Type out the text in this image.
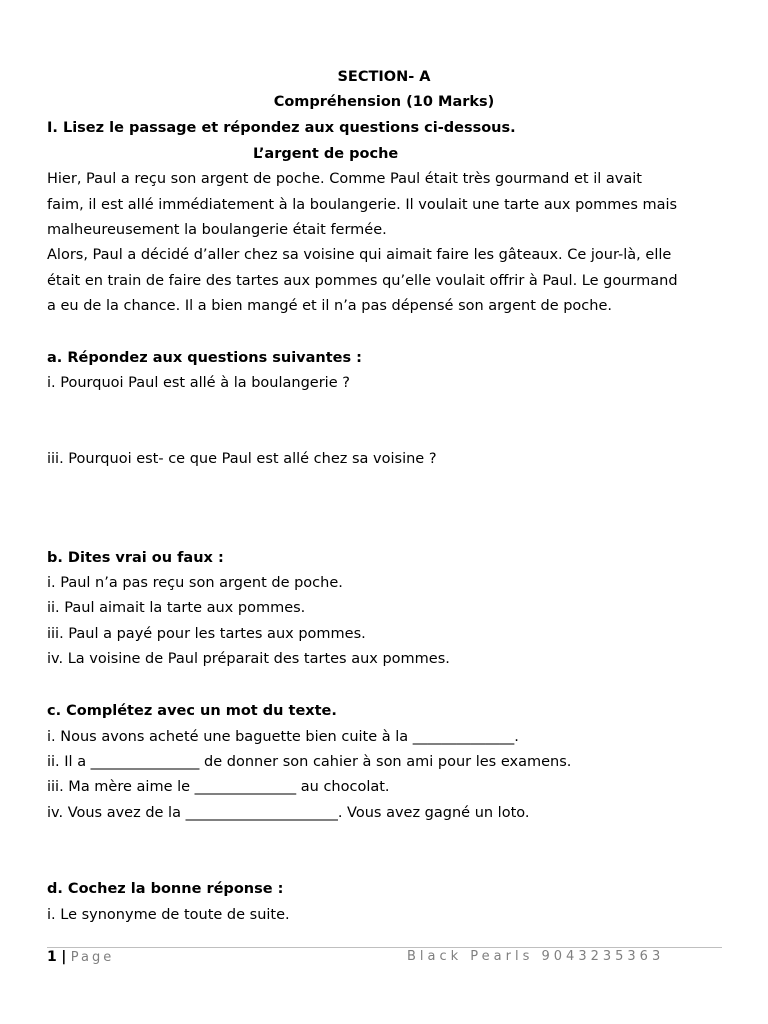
SECTION- A
Compréhension (10 Marks)
I. Lisez le passage et répondez aux questions ci-dessous.
L’argent de poche
Hier, Paul a reçu son argent de poche. Comme Paul était très gourmand et il avait
faim, il est allé immédiatement à la boulangerie. Il voulait une tarte aux pommes mais
malheureusement la boulangerie était fermée.
Alors, Paul a décidé d’aller chez sa voisine qui aimait faire les gâteaux. Ce jour-là, elle
était en train de faire des tartes aux pommes qu’elle voulait offrir à Paul. Le gourmand
a eu de la chance. Il a bien mangé et il n’a pas dépensé son argent de poche.
a. Répondez aux questions suivantes :
i. Pourquoi Paul est allé à la boulangerie ?
iii. Pourquoi est- ce que Paul est allé chez sa voisine ?
b. Dites vrai ou faux :
i. Paul n’a pas reçu son argent de poche.
ii. Paul aimait la tarte aux pommes.
iii. Paul a payé pour les tartes aux pommes.
iv. La voisine de Paul préparait des tartes aux pommes.
c. Complétez avec un mot du texte.
i. Nous avons acheté une baguette bien cuite à la ______________.
ii. Il a _______________ de donner son cahier à son ami pour les examens.
iii. Ma mère aime le ______________ au chocolat.
iv. Vous avez de la _____________________. Vous avez gagné un loto.
d. Cochez la bonne réponse :
i. Le synonyme de toute de suite.
1 | Page	Black Pearls 9043235363
